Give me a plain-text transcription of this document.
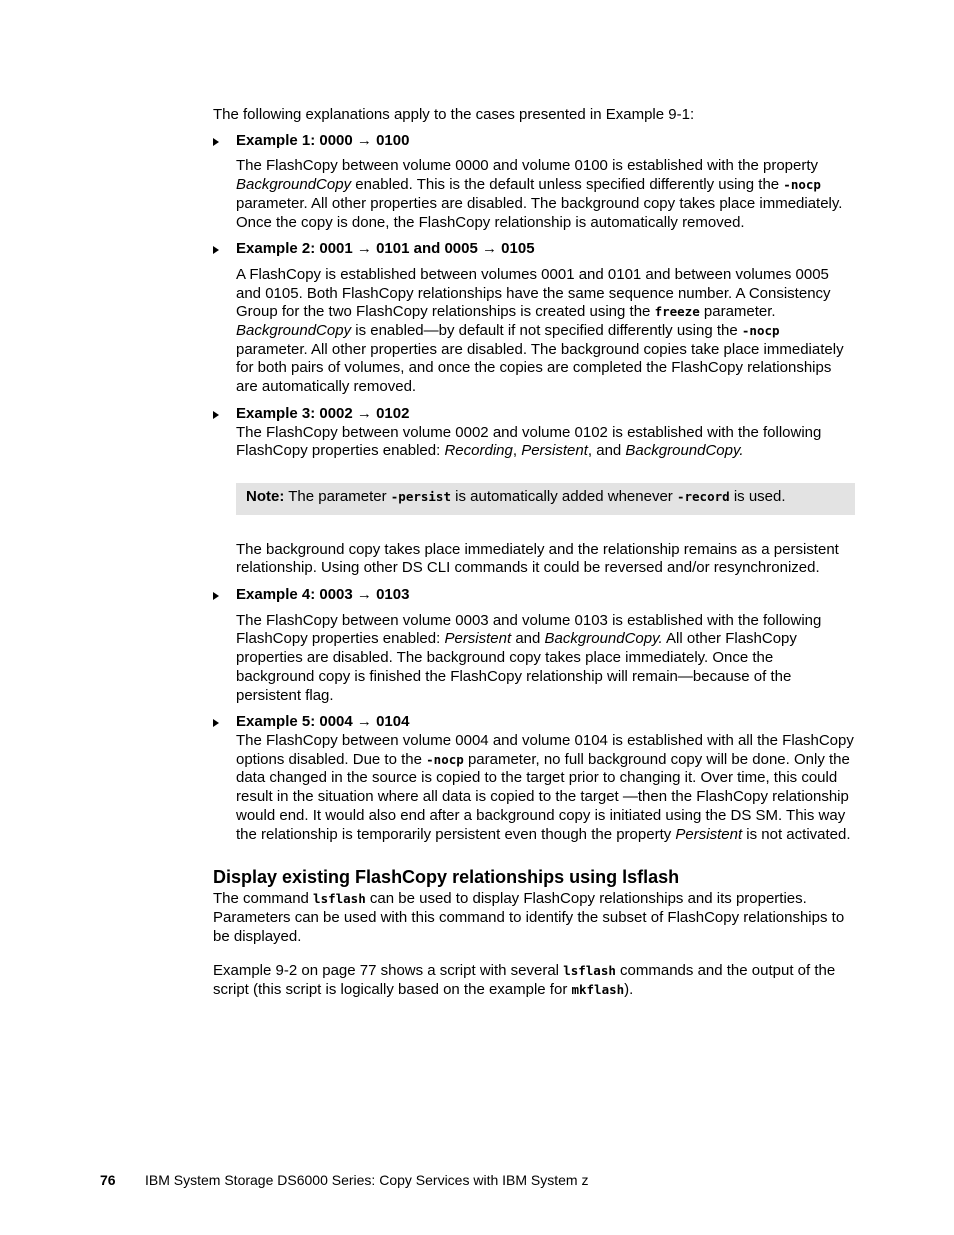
The following explanations apply to the cases presented in Example 9-1:

Example 1: 0000 → 0100
The FlashCopy between volume 0000 and volume 0100 is established with the property BackgroundCopy enabled. This is the default unless specified differently using the -nocp parameter. All other properties are disabled. The background copy takes place immediately. Once the copy is done, the FlashCopy relationship is automatically removed.
Example 2: 0001 → 0101 and 0005 → 0105
A FlashCopy is established between volumes 0001 and 0101 and between volumes 0005 and 0105. Both FlashCopy relationships have the same sequence number. A Consistency Group for the two FlashCopy relationships is created using the freeze parameter. BackgroundCopy is enabled—by default if not specified differently using the -nocp parameter. All other properties are disabled. The background copies take place immediately for both pairs of volumes, and once the copies are completed the FlashCopy relationships are automatically removed.
Example 3: 0002 → 0102
The FlashCopy between volume 0002 and volume 0102 is established with the following FlashCopy properties enabled: Recording, Persistent, and BackgroundCopy.
Note: The parameter -persist is automatically added whenever -record is used.
The background copy takes place immediately and the relationship remains as a persistent relationship. Using other DS CLI commands it could be reversed and/or resynchronized.
Example 4: 0003 → 0103
The FlashCopy between volume 0003 and volume 0103 is established with the following FlashCopy properties enabled: Persistent and BackgroundCopy. All other FlashCopy properties are disabled. The background copy takes place immediately. Once the background copy is finished the FlashCopy relationship will remain—because of the persistent flag.
Example 5: 0004 → 0104
The FlashCopy between volume 0004 and volume 0104 is established with all the FlashCopy options disabled. Due to the -nocp parameter, no full background copy will be done. Only the data changed in the source is copied to the target prior to changing it. Over time, this could result in the situation where all data is copied to the target —then the FlashCopy relationship would end. It would also end after a background copy is initiated using the DS SM. This way the relationship is temporarily persistent even though the property Persistent is not activated.
Display existing FlashCopy relationships using lsflash

The command lsflash can be used to display FlashCopy relationships and its properties. Parameters can be used with this command to identify the subset of FlashCopy relationships to be displayed.

Example 9-2 on page 77 shows a script with several lsflash commands and the output of the script (this script is logically based on the example for mkflash).

76 IBM System Storage DS6000 Series: Copy Services with IBM System z
